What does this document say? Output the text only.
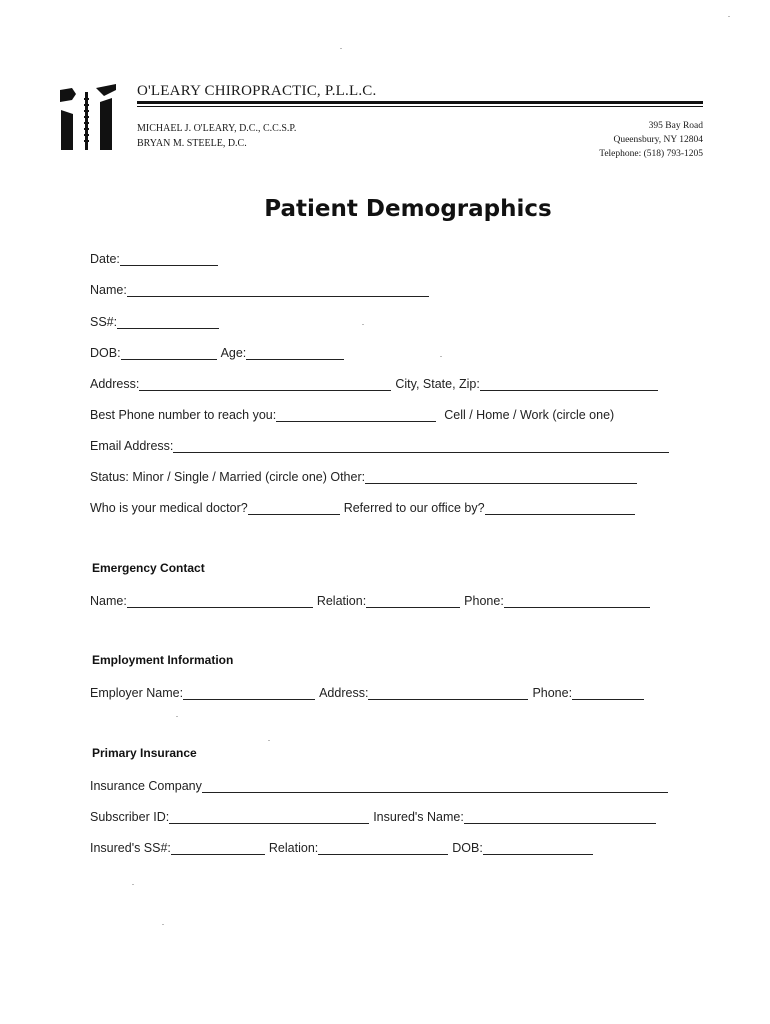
O'LEARY CHIROPRACTIC, P.L.L.C.
MICHAEL J. O'LEARY, D.C., C.C.S.P.
BRYAN M. STEELE, D.C.
395 Bay Road
Queensbury, NY 12804
Telephone: (518) 793-1205
Patient Demographics
Date:
Name:
SS#:
DOB:	Age:
Address:	City, State, Zip:
Best Phone number to reach you:	Cell / Home / Work (circle one)
Email Address:
Status: Minor / Single / Married (circle one) Other:
Who is your medical doctor?	Referred to our office by?
Emergency Contact
Name:	Relation:	Phone:
Employment Information
Employer Name:	Address:	Phone:
Primary Insurance
Insurance Company
Subscriber ID:	Insured's Name:
Insured's SS#:	Relation:	DOB:
